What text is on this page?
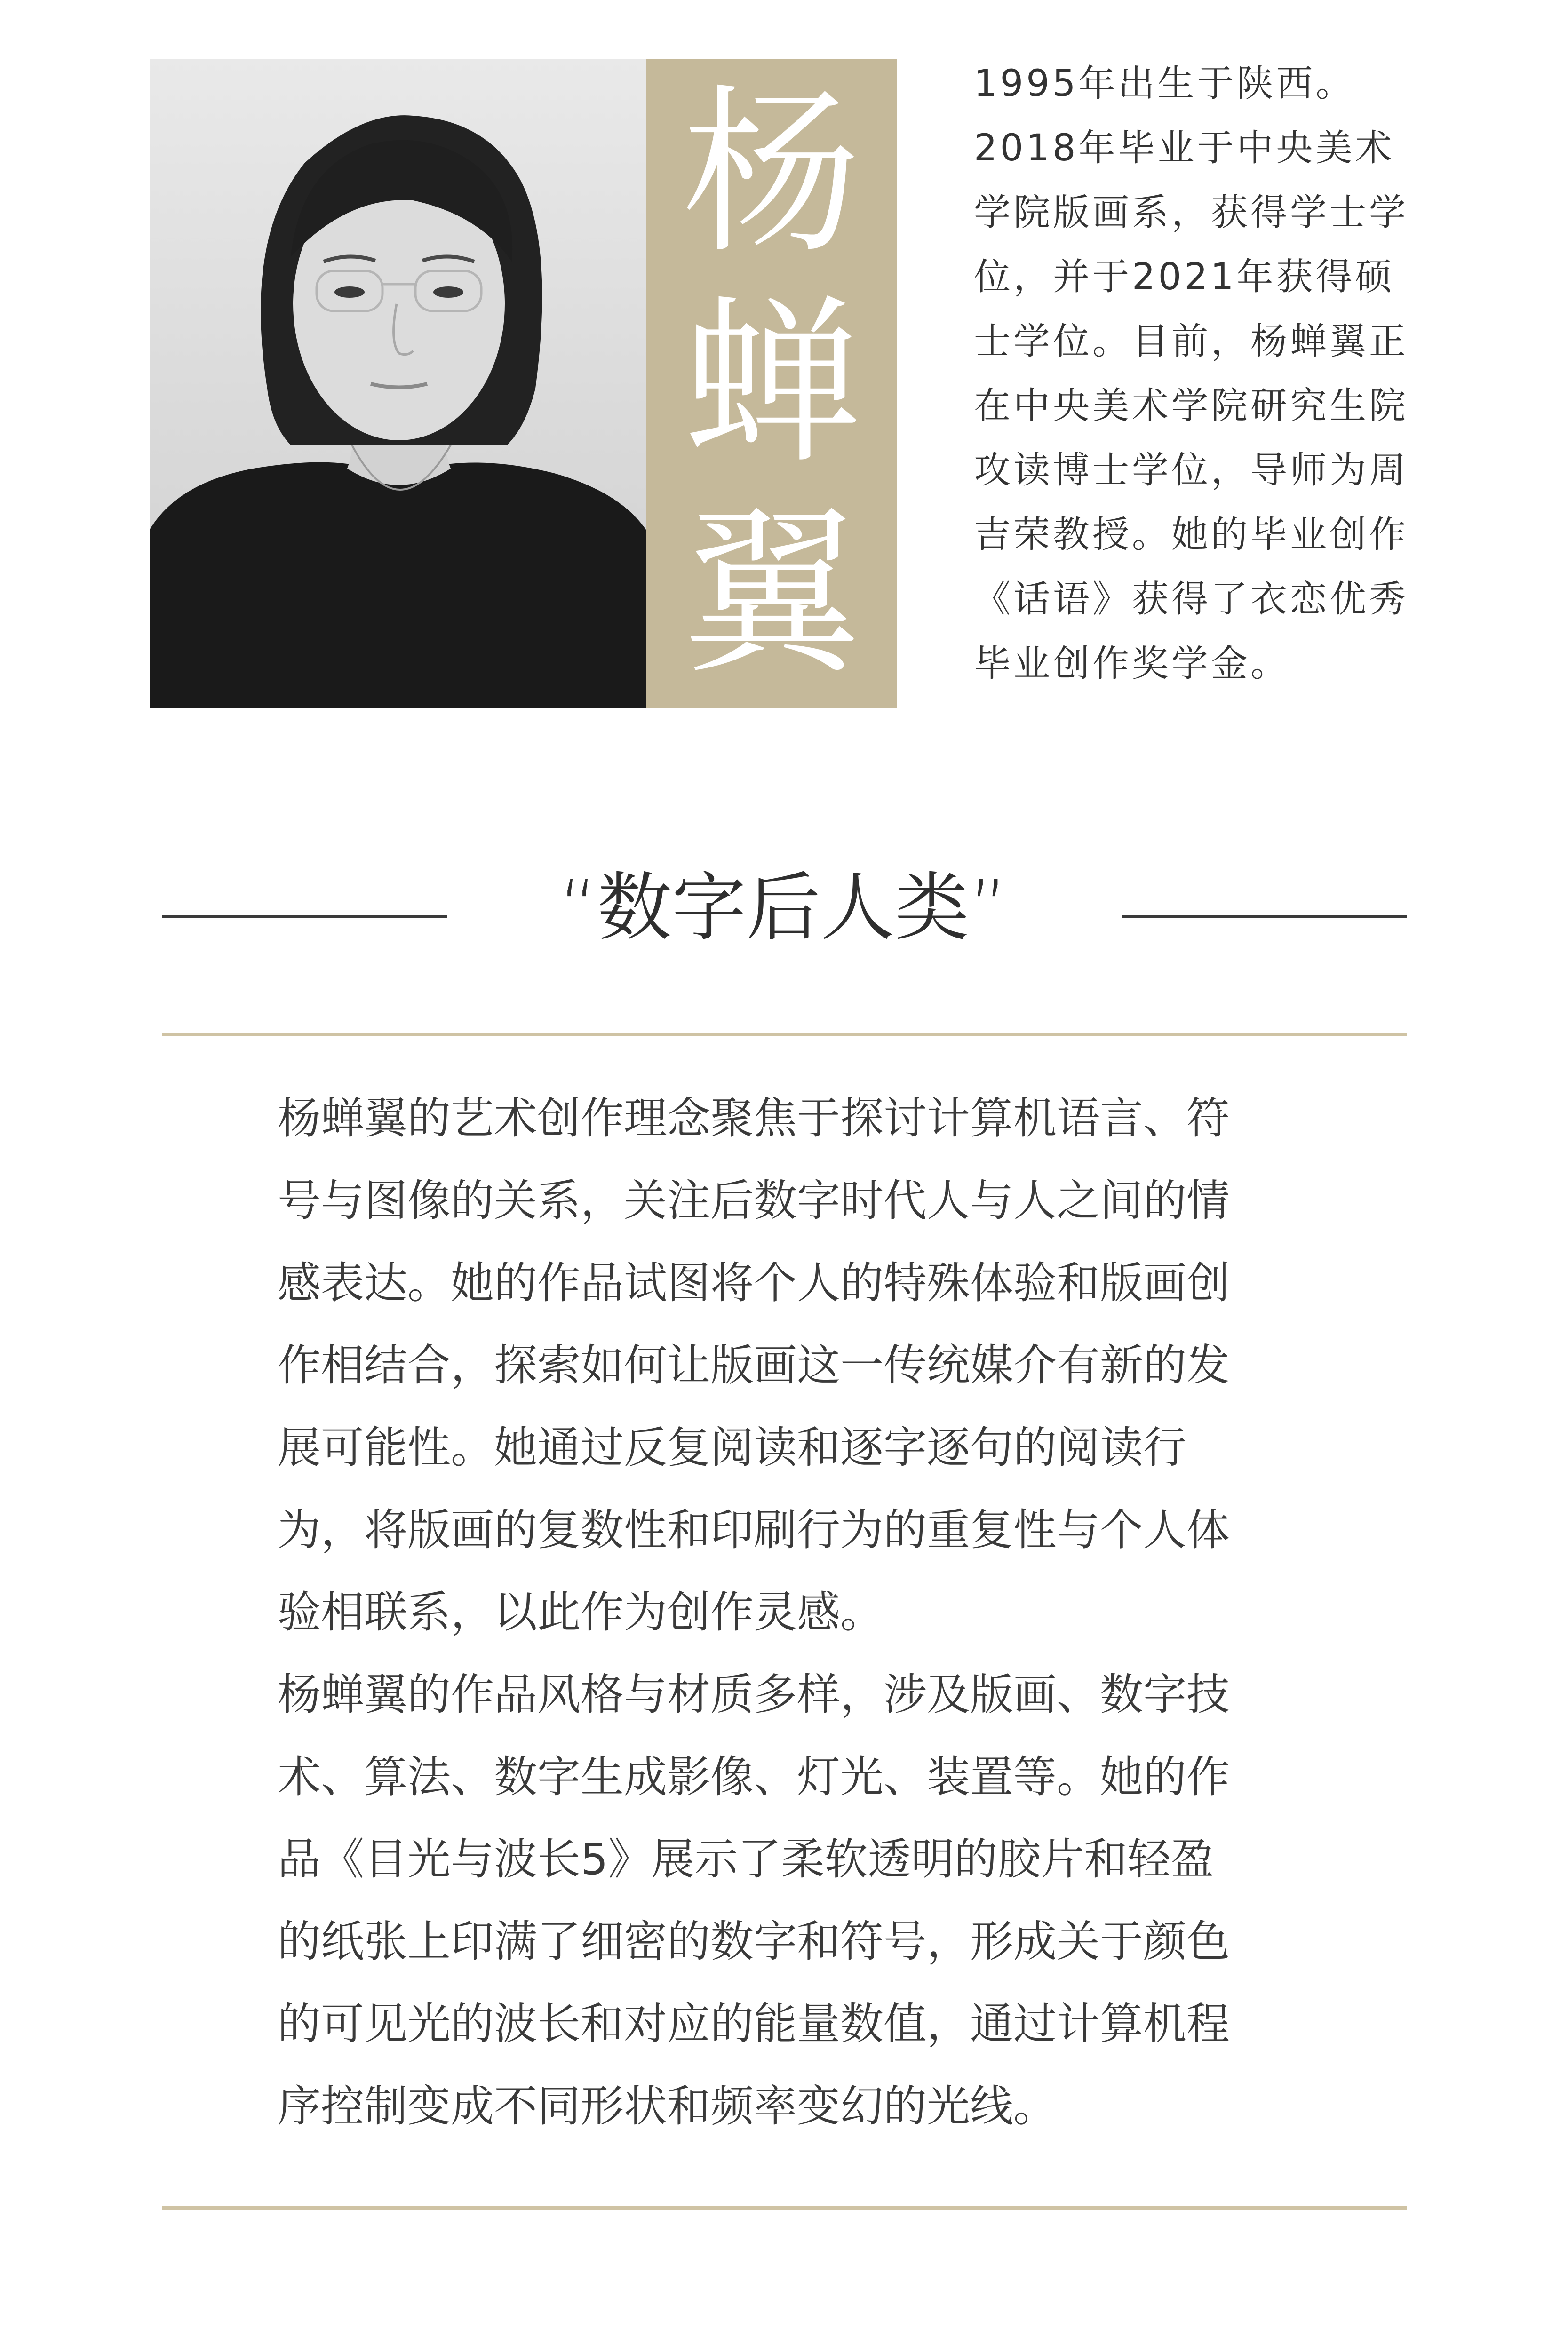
杨
蝉
翼
1995年出生于陕西。
2018年毕业于中央美术
学院版画系，获得学士学
位，并于2021年获得硕
士学位。目前，杨蝉翼正
在中央美术学院研究生院
攻读博士学位，导师为周
吉荣教授。她的毕业创作
《话语》获得了衣恋优秀
毕业创作奖学金。
“数字后人类”

杨蝉翼的艺术创作理念聚焦于探讨计算机语言、符

号与图像的关系，关注后数字时代人与人之间的情

感表达。她的作品试图将个人的特殊体验和版画创

作相结合，探索如何让版画这一传统媒介有新的发

展可能性。她通过反复阅读和逐字逐句的阅读行

为，将版画的复数性和印刷行为的重复性与个人体

验相联系，以此作为创作灵感。

杨蝉翼的作品风格与材质多样，涉及版画、数字技

术、算法、数字生成影像、灯光、装置等。她的作

品《目光与波长5》展示了柔软透明的胶片和轻盈

的纸张上印满了细密的数字和符号，形成关于颜色

的可见光的波长和对应的能量数值，通过计算机程

序控制变成不同形状和频率变幻的光线。
